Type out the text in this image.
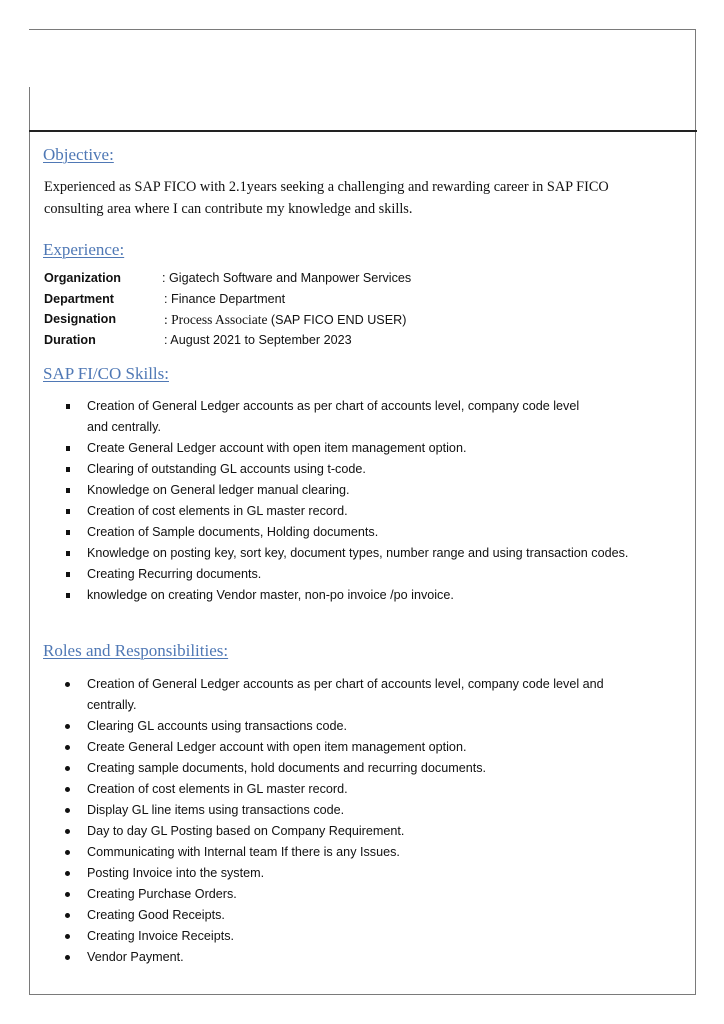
Objective:
Experienced as SAP FICO with 2.1years seeking a challenging and rewarding career in SAP FICO
consulting area where I can contribute my knowledge and skills.
Experience:
Organization	: Gigatech Software and Manpower Services
Department	: Finance Department
Designation	: Process Associate (SAP FICO END USER)
Duration	: August 2021 to September 2023
SAP FI/CO Skills:
Creation of General Ledger accounts as per chart of accounts level, company code level
and centrally.
Create General Ledger account with open item management option.
Clearing of outstanding GL accounts using t-code.
Knowledge on General ledger manual clearing.
Creation of cost elements in GL master record.
Creation of Sample documents, Holding documents.
Knowledge on posting key, sort key, document types, number range and using transaction codes.
Creating Recurring documents.
knowledge on creating Vendor master, non-po invoice /po invoice.
Roles and Responsibilities:
Creation of General Ledger accounts as per chart of accounts level, company code level and
centrally.
Clearing GL accounts using transactions code.
Create General Ledger account with open item management option.
Creating sample documents, hold documents and recurring documents.
Creation of cost elements in GL master record.
Display GL line items using transactions code.
Day to day GL Posting based on Company Requirement.
Communicating with Internal team If there is any Issues.
Posting Invoice into the system.
Creating Purchase Orders.
Creating Good Receipts.
Creating Invoice Receipts.
Vendor Payment.
